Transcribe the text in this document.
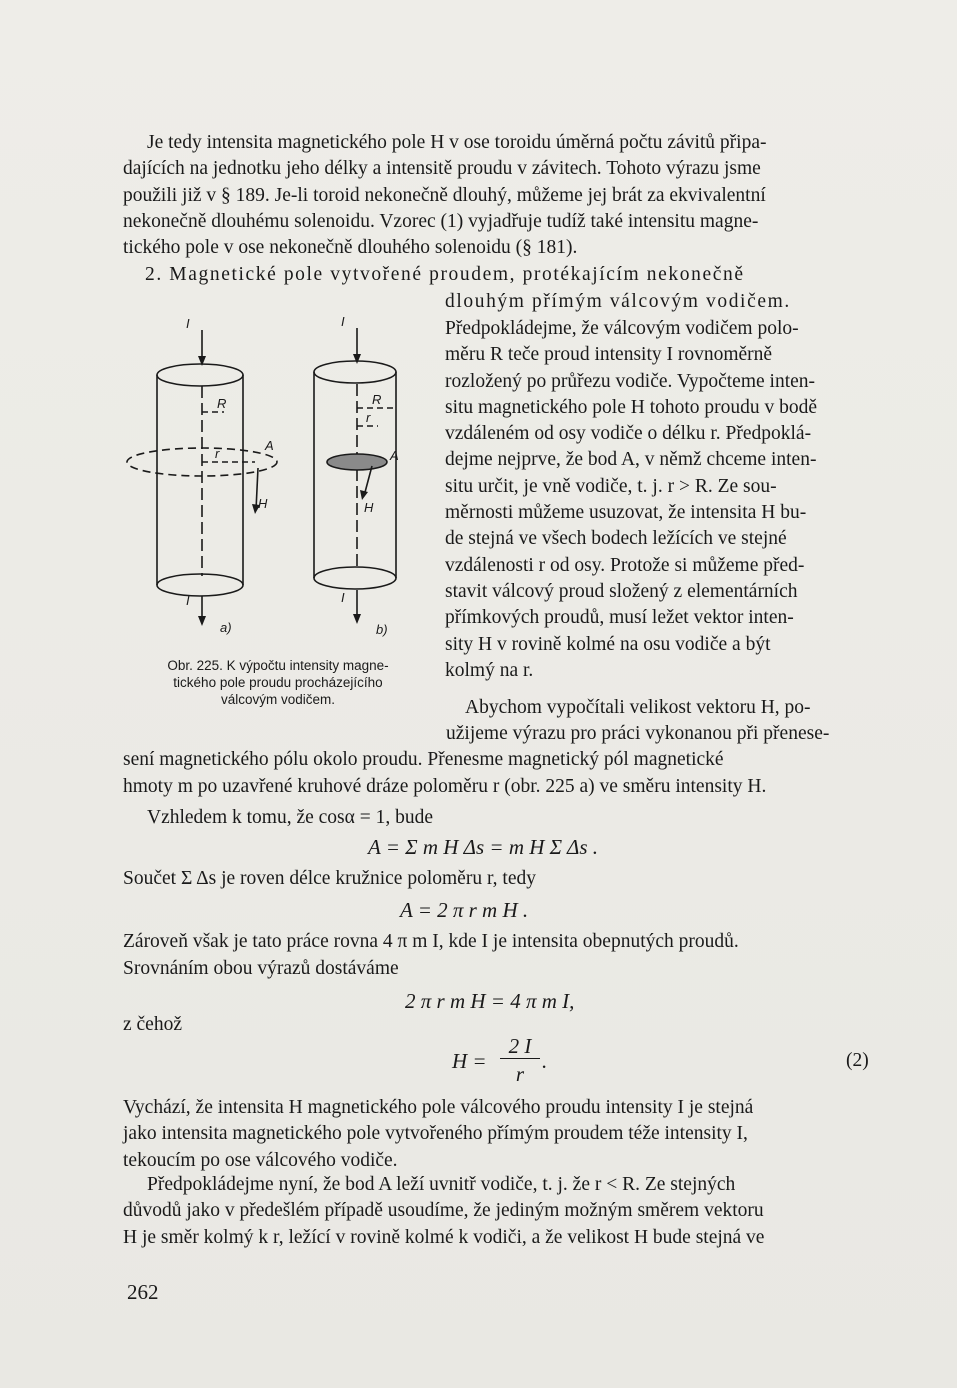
Je tedy intensita magnetického pole H v ose toroidu úměrná počtu závitů připa-
dajících na jednotku jeho délky a intensitě proudu v závitech. Tohoto výrazu jsme
použili již v § 189. Je-li toroid nekonečně dlouhý, můžeme jej brát za ekvivalentní
nekonečně dlouhému solenoidu. Vzorec (1) vyjadřuje tudíž také intensitu magne-
tického pole v ose nekonečně dlouhého solenoidu (§ 181).
2. Magnetické pole vytvořené proudem, protékajícím nekonečně
dlouhým přímým válcovým vodičem.
Předpokládejme, že válcovým vodičem polo-
měru R teče proud intensity I rovnoměrně
rozložený po průřezu vodiče. Vypočteme inten-
situ magnetického pole H tohoto proudu v bodě
vzdáleném od osy vodiče o délku r. Předpoklá-
dejme nejprve, že bod A, v němž chceme inten-
situ určit, je vně vodiče, t. j. r > R. Ze sou-
měrnosti můžeme usuzovat, že intensita H bu-
de stejná ve všech bodech ležících ve stejné
vzdálenosti r od osy. Protože si můžeme před-
stavit válcový proud složený z elementárních
přímkových proudů, musí ležet vektor inten-
sity H v rovině kolmé na osu vodiče a být
kolmý na r.
I
R
r
A
H
I
a)
I
R
r
A
H
I
b)
Obr. 225. K výpočtu intensity magne-
tického pole proudu procházejícího
válcovým vodičem.	Abychom vypočítali velikost vektoru H, po-
užijeme výrazu pro práci vykonanou při přenese-
sení magnetického pólu okolo proudu. Přenesme magnetický pól magnetické
hmoty m po uzavřené kruhové dráze poloměru r (obr. 225 a) ve směru intensity H.
Vzhledem k tomu, že cosα = 1, bude
A = Σ m H Δs = m H Σ Δs .
Součet Σ Δs je roven délce kružnice poloměru r, tedy
A = 2 π r m H .
Zároveň však je tato práce rovna 4 π m I, kde I je intensita obepnutých proudů.
Srovnáním obou výrazů dostáváme
2 π r m H = 4 π m I,
z čehož
H =
2 I
r
.	(2)
Vychází, že intensita H magnetického pole válcového proudu intensity I je stejná
jako intensita magnetického pole vytvořeného přímým proudem téže intensity I,
tekoucím po ose válcového vodiče.
Předpokládejme nyní, že bod A leží uvnitř vodiče, t. j. že r < R. Ze stejných
důvodů jako v předešlém případě usoudíme, že jediným možným směrem vektoru
H je směr kolmý k r, ležící v rovině kolmé k vodiči, a že velikost H bude stejná ve
262
